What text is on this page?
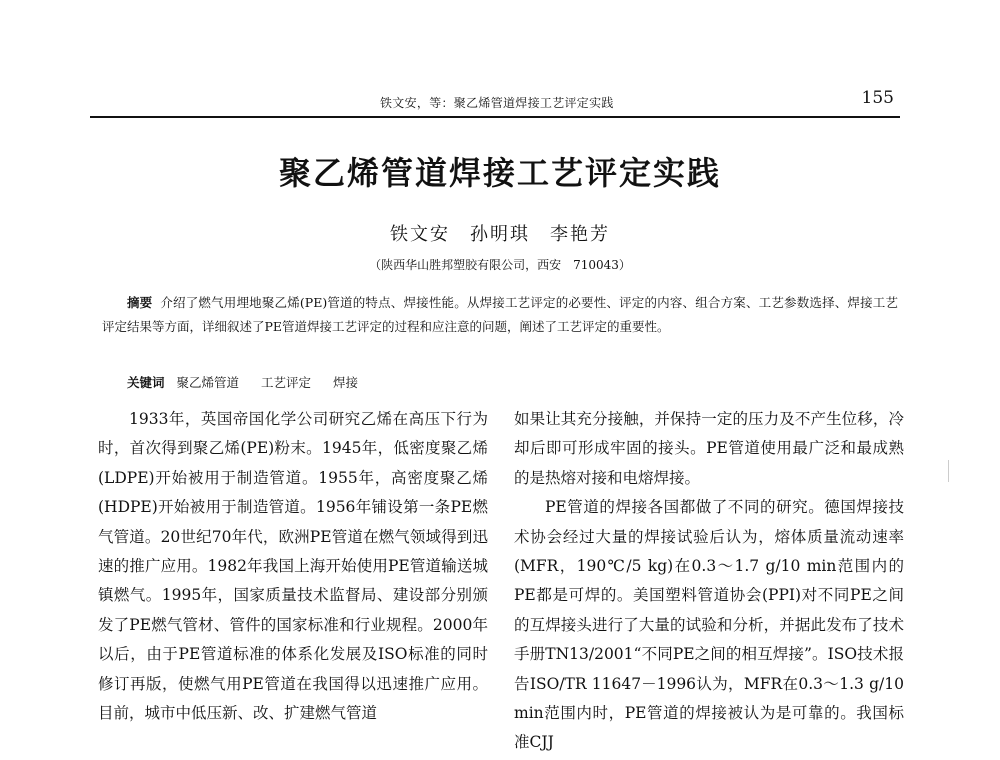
铁文安，等：聚乙烯管道焊接工艺评定实践	155
聚乙烯管道焊接工艺评定实践
铁文安　孙明琪　李艳芳
（陕西华山胜邦塑胶有限公司，西安　710043）

摘要 介绍了燃气用埋地聚乙烯(PE)管道的特点、焊接性能。从焊接工艺评定的必要性、评定的内容、组合方案、工艺参数选择、焊接工艺评定结果等方面，详细叙述了PE管道焊接工艺评定的过程和应注意的问题，阐述了工艺评定的重要性。

关键词 聚乙烯管道 工艺评定 焊接

1933年，英国帝国化学公司研究乙烯在高压下行为时，首次得到聚乙烯(PE)粉末。1945年，低密度聚乙烯(LDPE)开始被用于制造管道。1955年，高密度聚乙烯(HDPE)开始被用于制造管道。1956年铺设第一条PE燃气管道。20世纪70年代，欧洲PE管道在燃气领域得到迅速的推广应用。1982年我国上海开始使用PE管道输送城镇燃气。1995年，国家质量技术监督局、建设部分别颁发了PE燃气管材、管件的国家标准和行业规程。2000年以后，由于PE管道标准的体系化发展及ISO标准的同时修订再版，使燃气用PE管道在我国得以迅速推广应用。目前，城市中低压新、改、扩建燃气管道

如果让其充分接触，并保持一定的压力及不产生位移，冷却后即可形成牢固的接头。PE管道使用最广泛和最成熟的是热熔对接和电熔焊接。

PE管道的焊接各国都做了不同的研究。德国焊接技术协会经过大量的焊接试验后认为，熔体质量流动速率(MFR，190℃/5 kg)在0.3～1.7 g/10 min范围内的PE都是可焊的。美国塑料管道协会(PPI)对不同PE之间的互焊接头进行了大量的试验和分析，并据此发布了技术手册TN13/2001“不同PE之间的相互焊接”。ISO技术报告ISO/TR 11647－1996认为，MFR在0.3～1.3 g/10 min范围内时，PE管道的焊接被认为是可靠的。我国标准CJJ
